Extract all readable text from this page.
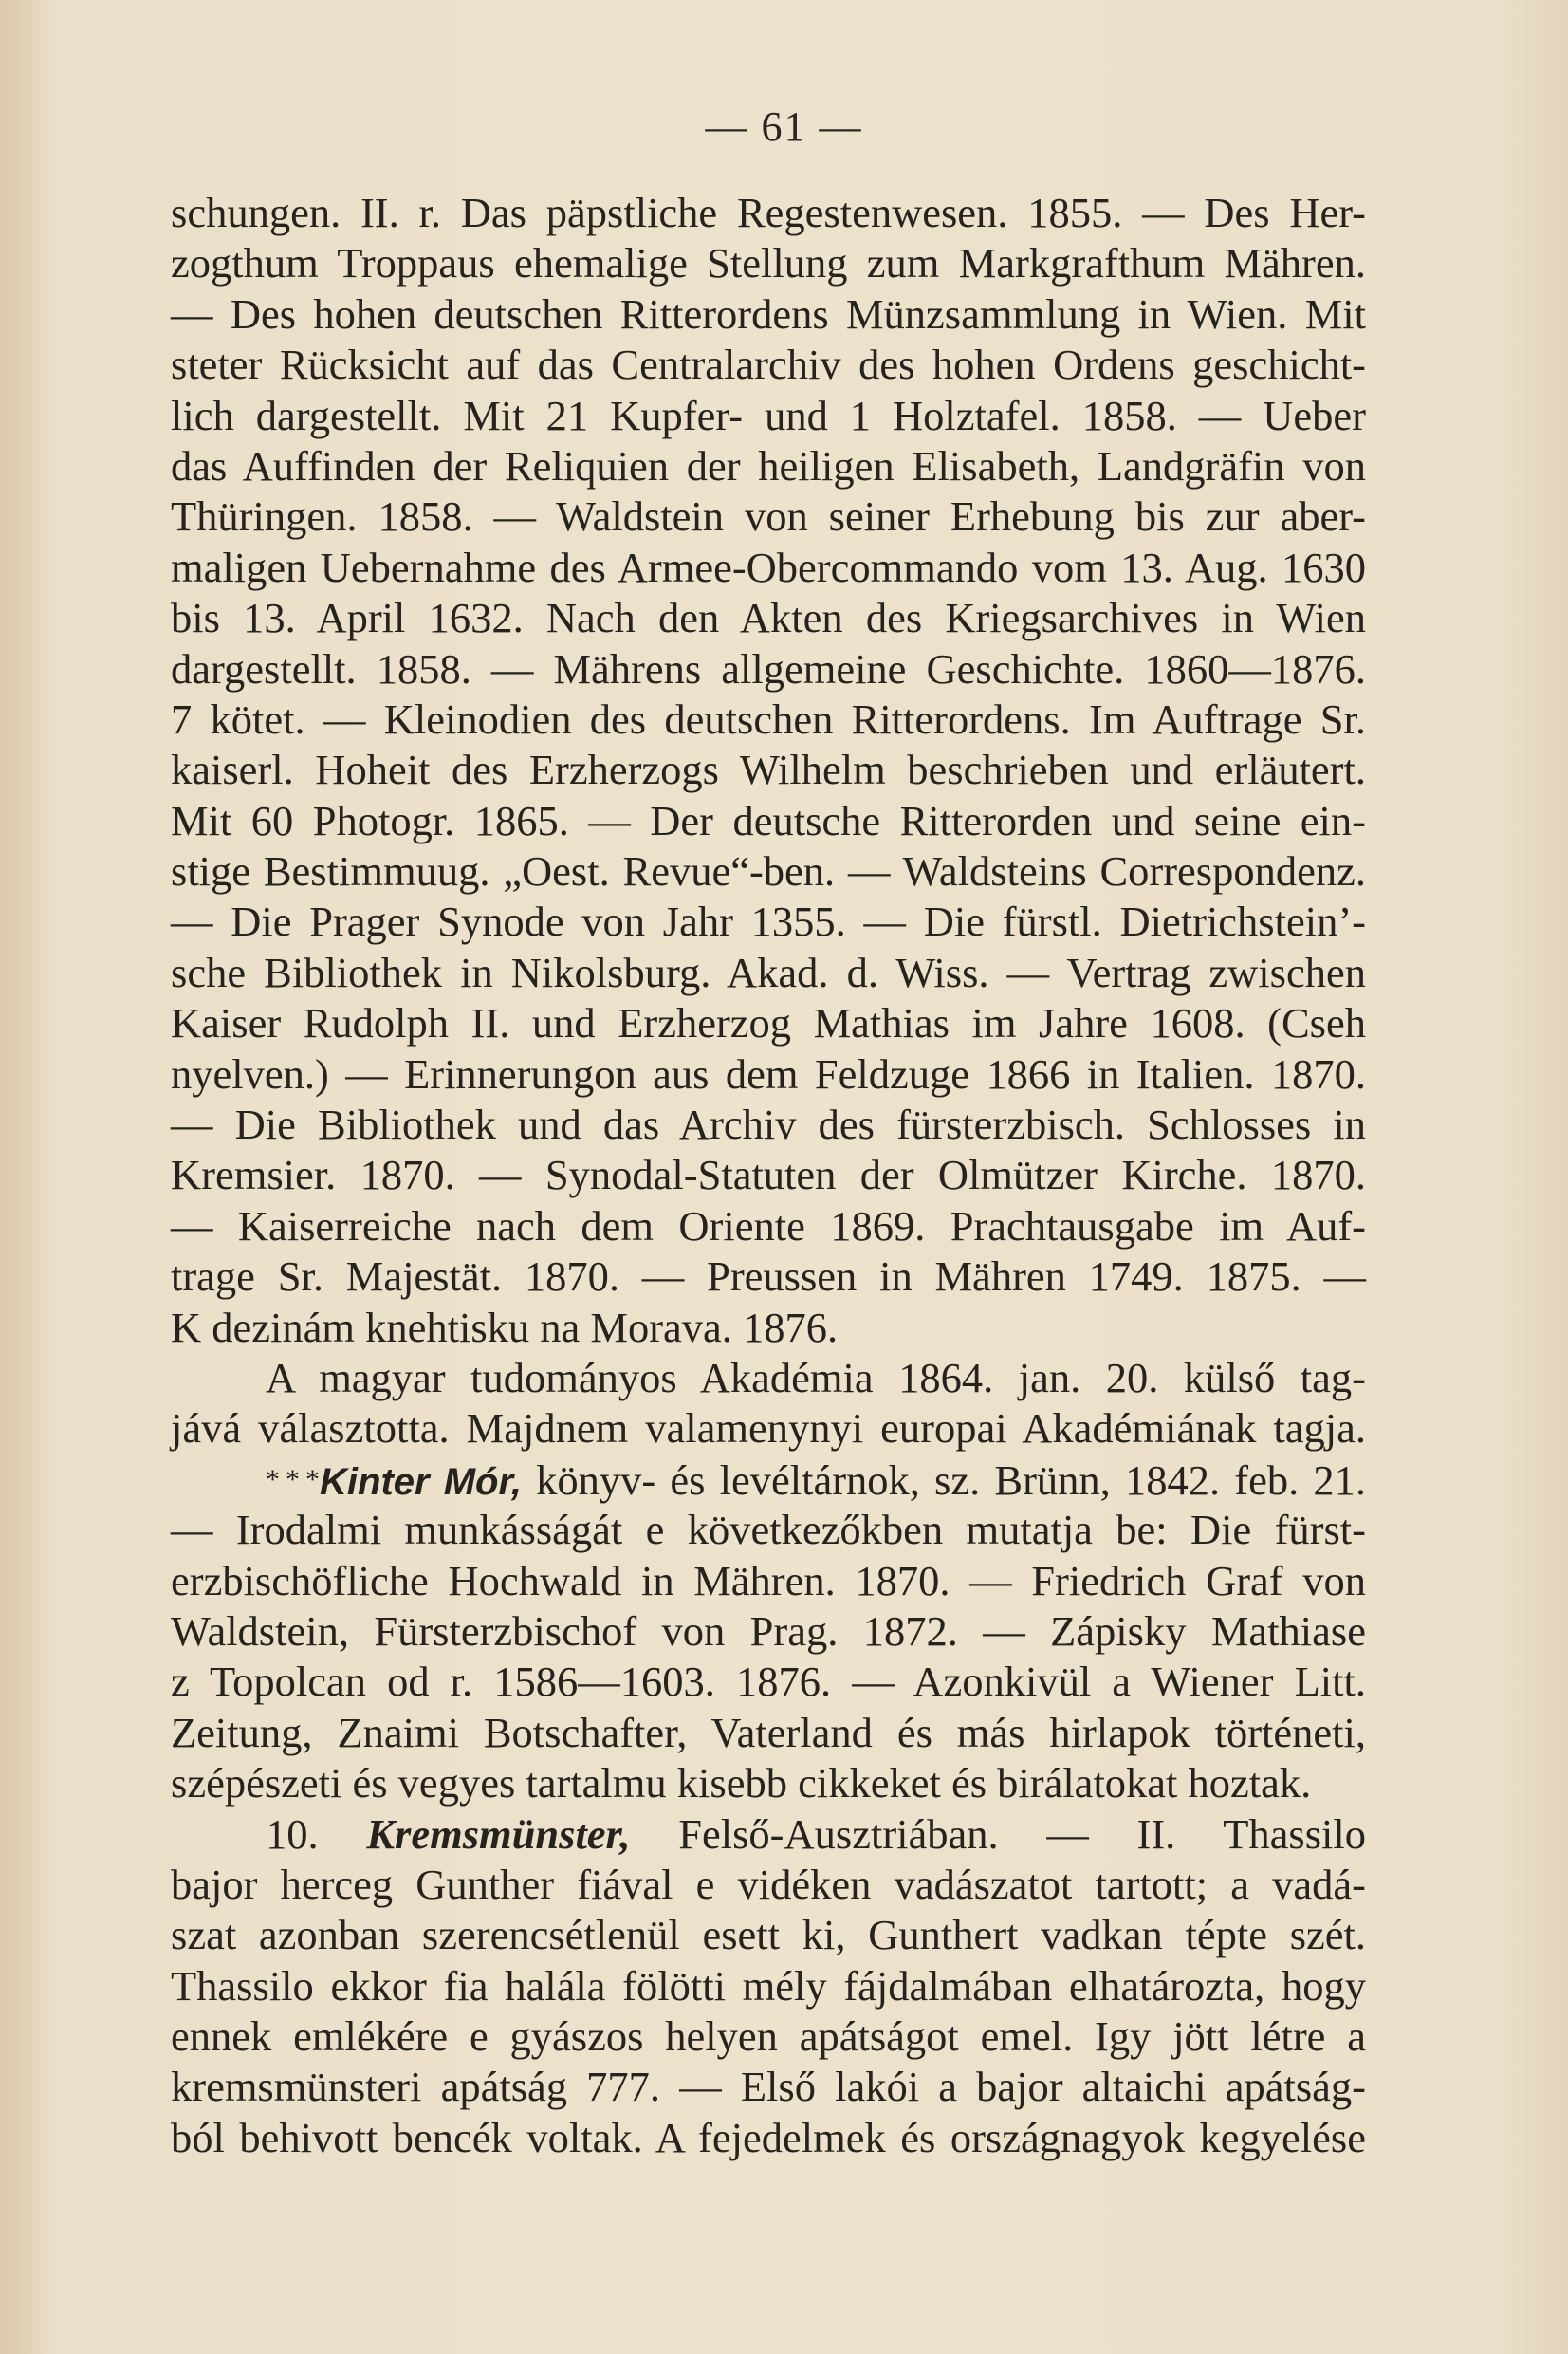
— 61 —
schungen. II. r. Das päpstliche Regestenwesen. 1855. — Des Her-
zogthum Troppaus ehemalige Stellung zum Markgrafthum Mähren.
— Des hohen deutschen Ritterordens Münzsammlung in Wien. Mit
steter Rücksicht auf das Centralarchiv des hohen Ordens geschicht-
lich dargestellt. Mit 21 Kupfer- und 1 Holztafel. 1858. — Ueber
das Auffinden der Reliquien der heiligen Elisabeth, Landgräfin von
Thüringen. 1858. — Waldstein von seiner Erhebung bis zur aber-
maligen Uebernahme des Armee-Obercommando vom 13. Aug. 1630
bis 13. April 1632. Nach den Akten des Kriegsarchives in Wien
dargestellt. 1858. — Mährens allgemeine Geschichte. 1860—1876.
7 kötet. — Kleinodien des deutschen Ritterordens. Im Auftrage Sr.
kaiserl. Hoheit des Erzherzogs Wilhelm beschrieben und erläutert.
Mit 60 Photogr. 1865. — Der deutsche Ritterorden und seine ein-
stige Bestimmuug. „Oest. Revue“-ben. — Waldsteins Correspondenz.
— Die Prager Synode von Jahr 1355. — Die fürstl. Dietrichstein’-
sche Bibliothek in Nikolsburg. Akad. d. Wiss. — Vertrag zwischen
Kaiser Rudolph II. und Erzherzog Mathias im Jahre 1608. (Cseh
nyelven.) — Erinnerungon aus dem Feldzuge 1866 in Italien. 1870.
— Die Bibliothek und das Archiv des fürsterzbisch. Schlosses in
Kremsier. 1870. — Synodal-Statuten der Olmützer Kirche. 1870.
— Kaiserreiche nach dem Oriente 1869. Prachtausgabe im Auf-
trage Sr. Majestät. 1870. — Preussen in Mähren 1749. 1875. —
K dezinám knehtisku na Morava. 1876.
A magyar tudományos Akadémia 1864. jan. 20. külső tag-
jává választotta. Majdnem valamenynyi europai Akadémiának tagja.
* * *Kinter Mór, könyv- és levéltárnok, sz. Brünn, 1842. feb. 21.
— Irodalmi munkásságát e következőkben mutatja be: Die fürst-
erzbischöfliche Hochwald in Mähren. 1870. — Friedrich Graf von
Waldstein, Fürsterzbischof von Prag. 1872. — Zápisky Mathiase
z Topolcan od r. 1586—1603. 1876. — Azonkivül a Wiener Litt.
Zeitung, Znaimi Botschafter, Vaterland és más hirlapok történeti,
szépészeti és vegyes tartalmu kisebb cikkeket és birálatokat hoztak.
10. Kremsmünster, Felső-Ausztriában. — II. Thassilo
bajor herceg Gunther fiával e vidéken vadászatot tartott; a vadá-
szat azonban szerencsétlenül esett ki, Gunthert vadkan tépte szét.
Thassilo ekkor fia halála fölötti mély fájdalmában elhatározta, hogy
ennek emlékére e gyászos helyen apátságot emel. Igy jött létre a
kremsmünsteri apátság 777. — Első lakói a bajor altaichi apátság-
ból behivott bencék voltak. A fejedelmek és országnagyok kegyelése
